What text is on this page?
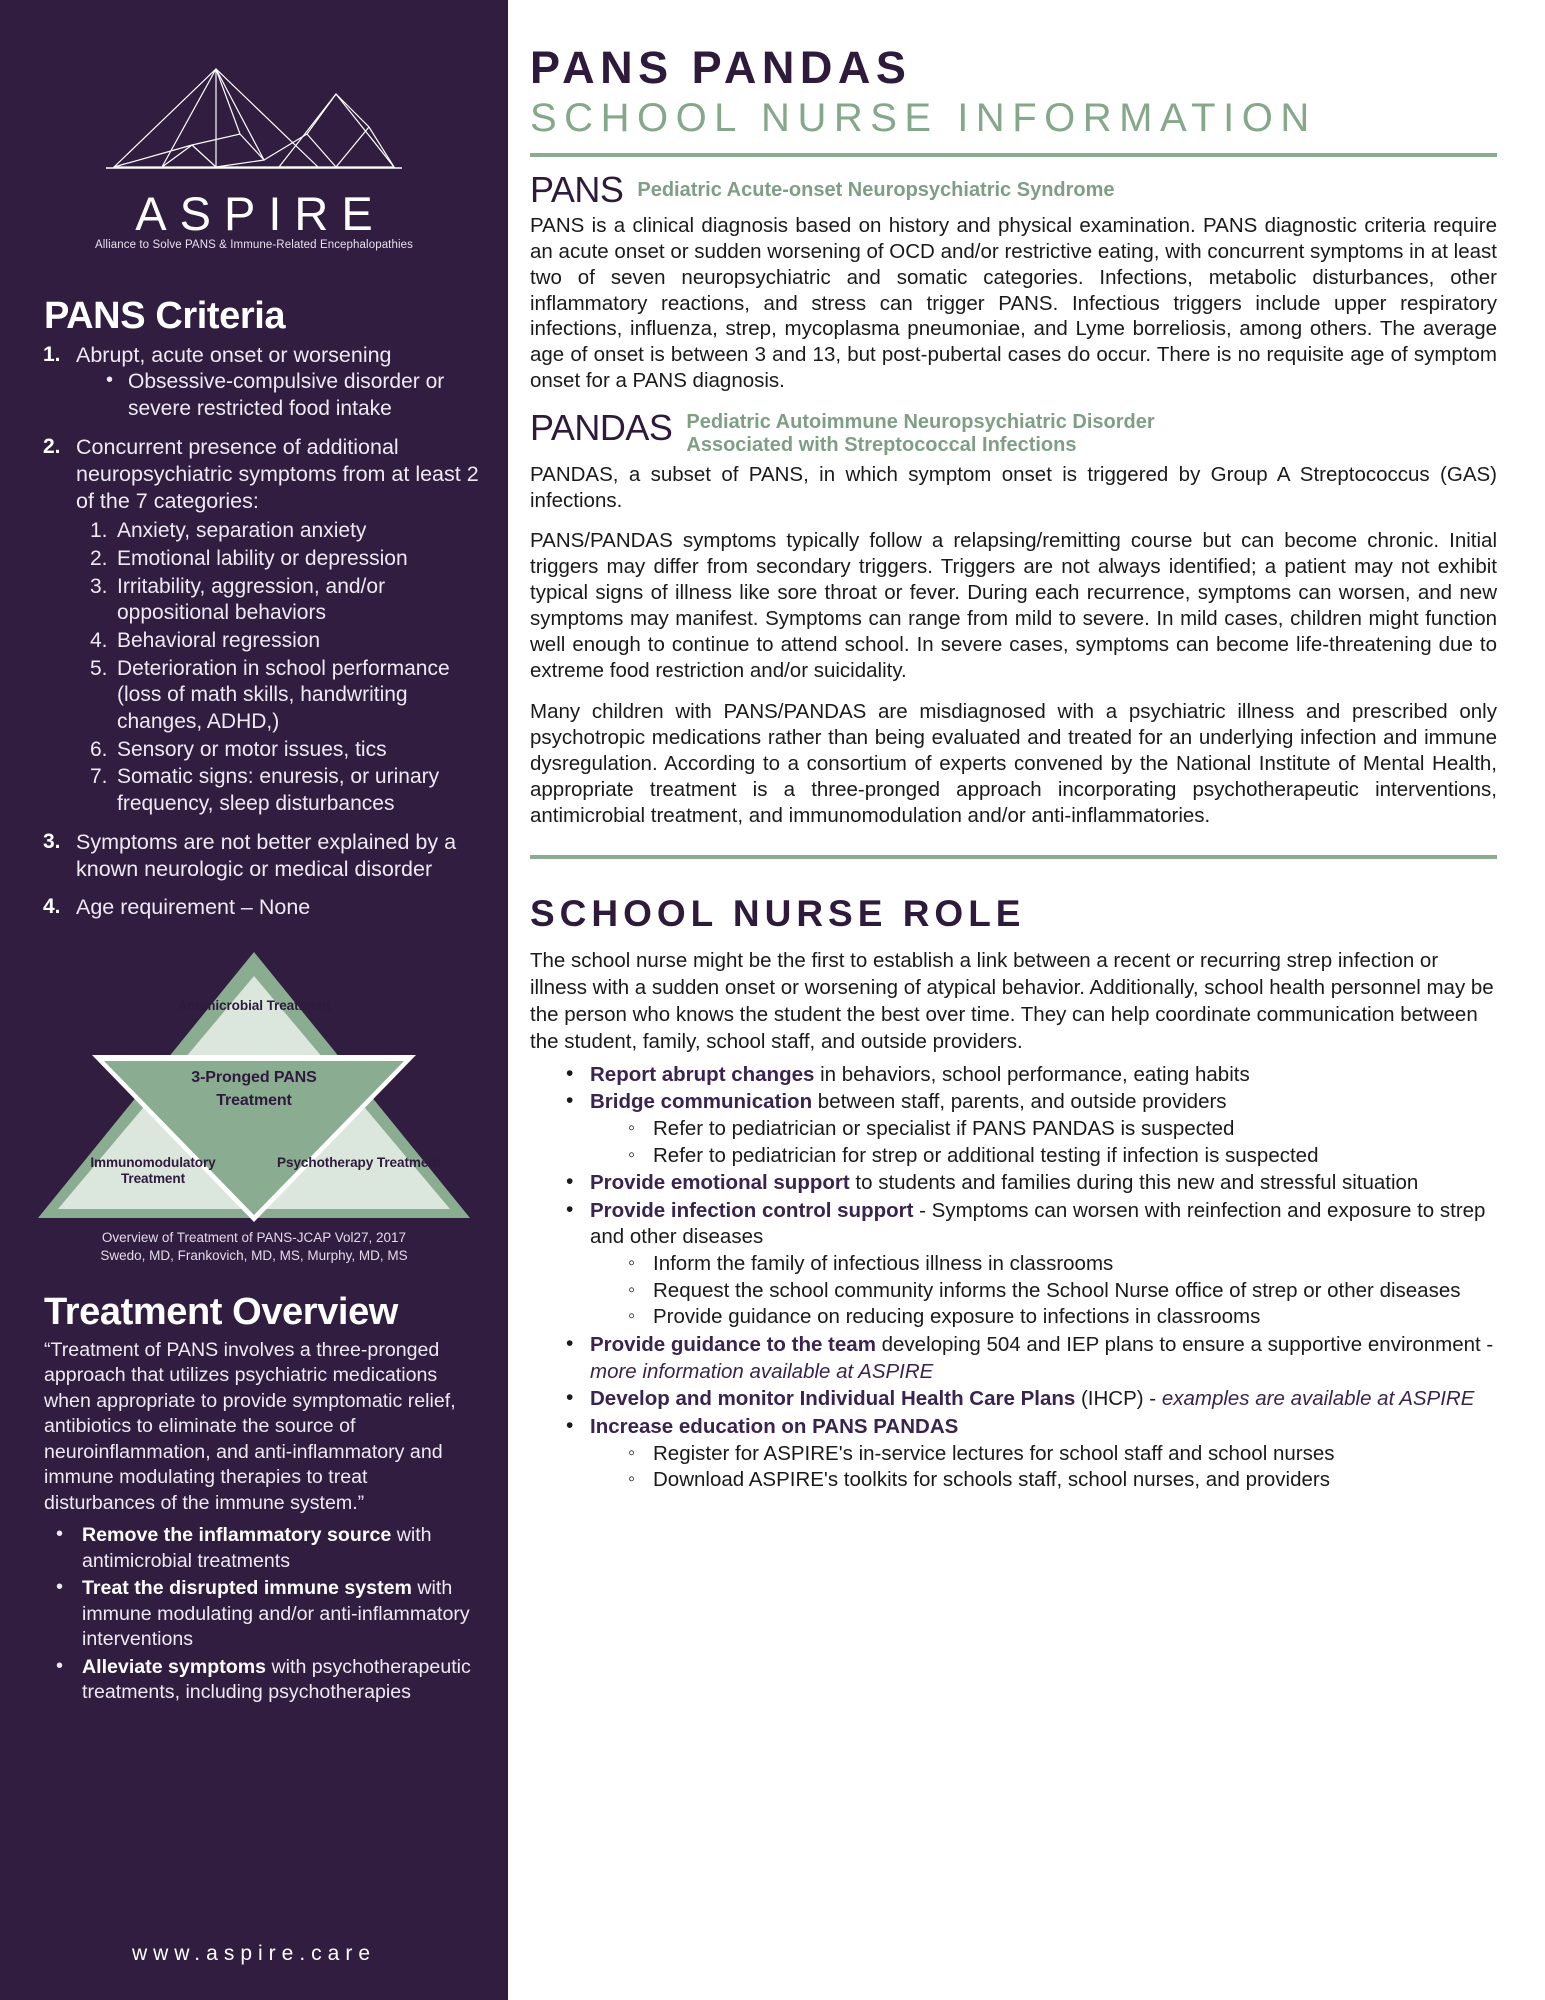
ASPIRE
Alliance to Solve PANS & Immune-Related Encephalopathies
PANS Criteria
1. Abrupt, acute onset or worsening
• Obsessive-compulsive disorder or severe restricted food intake
2. Concurrent presence of additional neuropsychiatric symptoms from at least 2 of the 7 categories:
1. Anxiety, separation anxiety
2. Emotional lability or depression
3. Irritability, aggression, and/or oppositional behaviors
4. Behavioral regression
5. Deterioration in school performance (loss of math skills, handwriting changes, ADHD,)
6. Sensory or motor issues, tics
7. Somatic signs: enuresis, or urinary frequency, sleep disturbances
3. Symptoms are not better explained by a known neurologic or medical disorder
4. Age requirement – None
Antimicrobial Treatment
3-Pronged PANS Treatment
Immunomodulatory Treatment
Psychotherapy Treatment
Overview of Treatment of PANS-JCAP Vol27, 2017
Swedo, MD, Frankovich, MD, MS, Murphy, MD, MS
Treatment Overview

“Treatment of PANS involves a three-pronged approach that utilizes psychiatric medications when appropriate to provide symptomatic relief, antibiotics to eliminate the source of neuroinflammation, and anti-inflammatory and immune modulating therapies to treat disturbances of the immune system.”

• Remove the inflammatory source with antimicrobial treatments
• Treat the disrupted immune system with immune modulating and/or anti-inflammatory interventions
• Alleviate symptoms with psychotherapeutic treatments, including psychotherapies
www.aspire.care
PANS PANDAS
SCHOOL NURSE INFORMATION
PANS Pediatric Acute-onset Neuropsychiatric Syndrome

PANS is a clinical diagnosis based on history and physical examination. PANS diagnostic criteria require an acute onset or sudden worsening of OCD and/or restrictive eating, with concurrent symptoms in at least two of seven neuropsychiatric and somatic categories. Infections, metabolic disturbances, other inflammatory reactions, and stress can trigger PANS. Infectious triggers include upper respiratory infections, influenza, strep, mycoplasma pneumoniae, and Lyme borreliosis, among others. The average age of onset is between 3 and 13, but post-pubertal cases do occur. There is no requisite age of symptom onset for a PANS diagnosis.

PANDAS Pediatric Autoimmune Neuropsychiatric Disorder
Associated with Streptococcal Infections

PANDAS, a subset of PANS, in which symptom onset is triggered by Group A Streptococcus (GAS) infections.

PANS/PANDAS symptoms typically follow a relapsing/remitting course but can become chronic. Initial triggers may differ from secondary triggers. Triggers are not always identified; a patient may not exhibit typical signs of illness like sore throat or fever. During each recurrence, symptoms can worsen, and new symptoms may manifest. Symptoms can range from mild to severe. In mild cases, children might function well enough to continue to attend school. In severe cases, symptoms can become life-threatening due to extreme food restriction and/or suicidality.

Many children with PANS/PANDAS are misdiagnosed with a psychiatric illness and prescribed only psychotropic medications rather than being evaluated and treated for an underlying infection and immune dysregulation. According to a consortium of experts convened by the National Institute of Mental Health, appropriate treatment is a three-pronged approach incorporating psychotherapeutic interventions, antimicrobial treatment, and immunomodulation and/or anti-inflammatories.

SCHOOL NURSE ROLE

The school nurse might be the first to establish a link between a recent or recurring strep infection or illness with a sudden onset or worsening of atypical behavior. Additionally, school health personnel may be the person who knows the student the best over time. They can help coordinate communication between the student, family, school staff, and outside providers.

• Report abrupt changes in behaviors, school performance, eating habits
• Bridge communication between staff, parents, and outside providers
◦ Refer to pediatrician or specialist if PANS PANDAS is suspected
◦ Refer to pediatrician for strep or additional testing if infection is suspected
• Provide emotional support to students and families during this new and stressful situation
• Provide infection control support - Symptoms can worsen with reinfection and exposure to strep and other diseases
◦ Inform the family of infectious illness in classrooms
◦ Request the school community informs the School Nurse office of strep or other diseases
◦ Provide guidance on reducing exposure to infections in classrooms
• Provide guidance to the team developing 504 and IEP plans to ensure a supportive environment - more information available at ASPIRE
• Develop and monitor Individual Health Care Plans (IHCP) - examples are available at ASPIRE
• Increase education on PANS PANDAS
◦ Register for ASPIRE's in-service lectures for school staff and school nurses
◦ Download ASPIRE's toolkits for schools staff, school nurses, and providers
